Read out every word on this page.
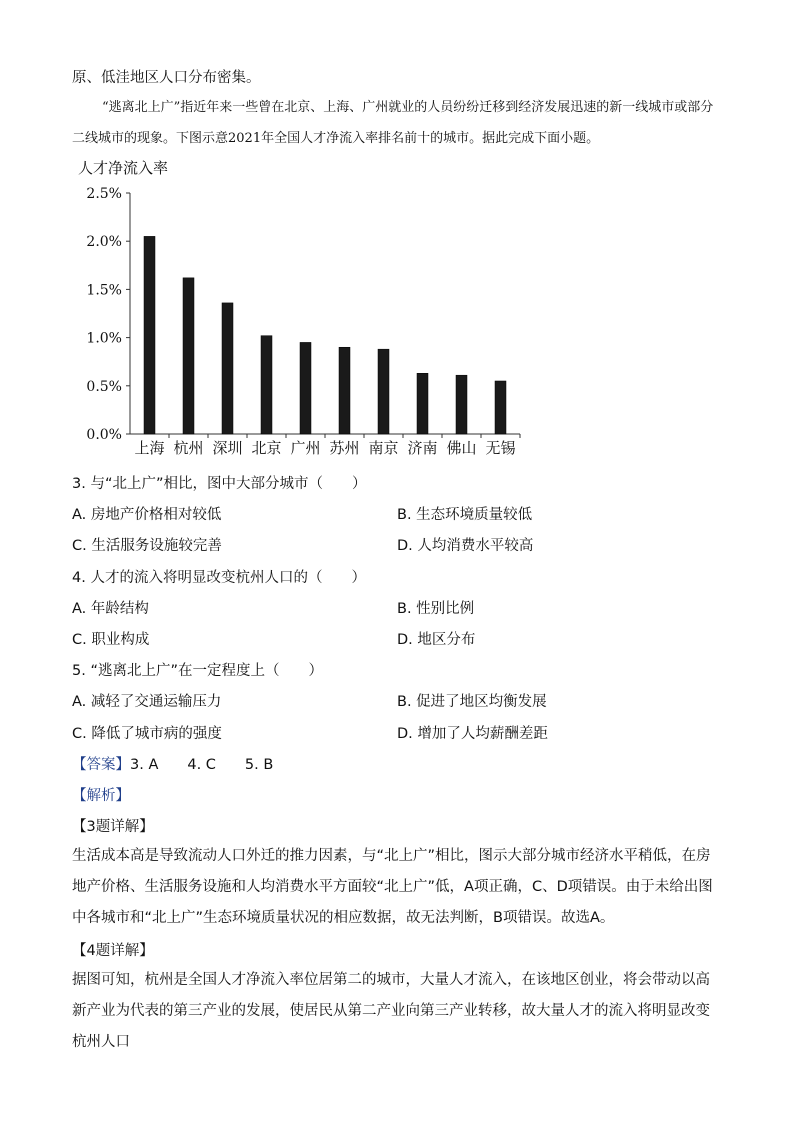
原、低洼地区人口分布密集。
“逃离北上广”指近年来一些曾在北京、上海、广州就业的人员纷纷迁移到经济发展迅速的新一线城市或部分二线城市的现象。下图示意2021年全国人才净流入率排名前十的城市。据此完成下面小题。
人才净流入率
0.0%
0.5%
1.0%
1.5%
2.0%
2.5%
上海 杭州 深圳 北京 广州 苏州 南京 济南 佛山 无锡
3. 与“北上广”相比，图中大部分城市（　　）
A. 房地产价格相对较低	B. 生态环境质量较低
C. 生活服务设施较完善	D. 人均消费水平较高
4. 人才的流入将明显改变杭州人口的（　　）
A. 年龄结构	B. 性别比例
C. 职业构成	D. 地区分布
5. “逃离北上广”在一定程度上（　　）
A. 减轻了交通运输压力	B. 促进了地区均衡发展
C. 降低了城市病的强度	D. 增加了人均薪酬差距
【答案】3. A　　4. C　　5. B
【解析】
【3题详解】
生活成本高是导致流动人口外迁的推力因素，与“北上广”相比，图示大部分城市经济水平稍低，在房地产价格、生活服务设施和人均消费水平方面较“北上广”低，A项正确，C、D项错误。由于未给出图中各城市和“北上广”生态环境质量状况的相应数据，故无法判断，B项错误。故选A。
【4题详解】
据图可知，杭州是全国人才净流入率位居第二的城市，大量人才流入，在该地区创业，将会带动以高新产业为代表的第三产业的发展，使居民从第二产业向第三产业转移，故大量人才的流入将明显改变杭州人口
